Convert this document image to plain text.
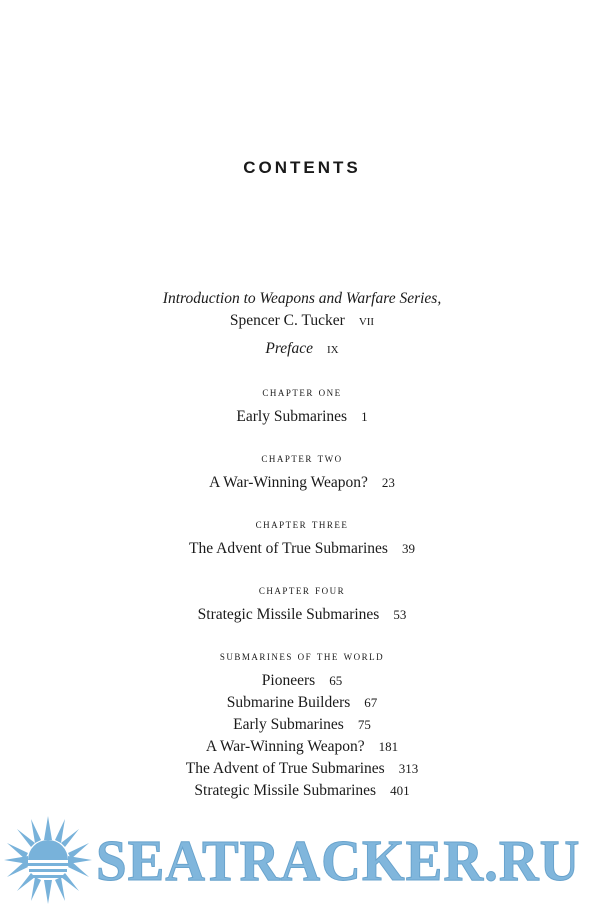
CONTENTS
Introduction to Weapons and Warfare Series,
Spencer C. Tucker vii
Preface ix
chapter one
Early Submarines 1
chapter two
A War-Winning Weapon? 23
chapter three
The Advent of True Submarines 39
chapter four
Strategic Missile Submarines 53
submarines of the world
Pioneers 65
Submarine Builders 67
Early Submarines 75
A War-Winning Weapon? 181
The Advent of True Submarines 313
Strategic Missile Submarines 401
SEATRACKER.RU
